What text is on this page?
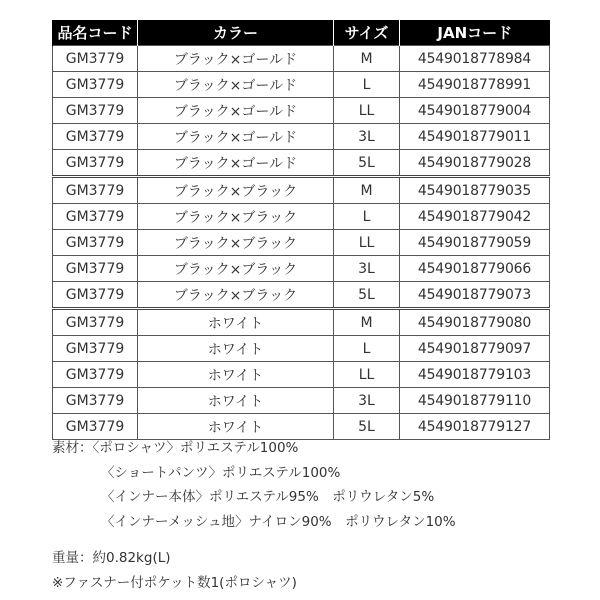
品名コード	カラー	サイズ	JANコード
GM3779	ブラック×ゴールド	M	4549018778984
GM3779	ブラック×ゴールド	L	4549018778991
GM3779	ブラック×ゴールド	LL	4549018779004
GM3779	ブラック×ゴールド	3L	4549018779011
GM3779	ブラック×ゴールド	5L	4549018779028
GM3779	ブラック×ブラック	M	4549018779035
GM3779	ブラック×ブラック	L	4549018779042
GM3779	ブラック×ブラック	LL	4549018779059
GM3779	ブラック×ブラック	3L	4549018779066
GM3779	ブラック×ブラック	5L	4549018779073
GM3779	ホワイト	M	4549018779080
GM3779	ホワイト	L	4549018779097
GM3779	ホワイト	LL	4549018779103
GM3779	ホワイト	3L	4549018779110
GM3779	ホワイト	5L	4549018779127
素材：〈ポロシャツ〉ポリエステル100%
〈ショートパンツ〉ポリエステル100%
〈インナー本体〉ポリエステル95%　ポリウレタン5%
〈インナーメッシュ地〉ナイロン90%　ポリウレタン10%
重量：約0.82kg(L)
※ファスナー付ポケット数1(ポロシャツ)
